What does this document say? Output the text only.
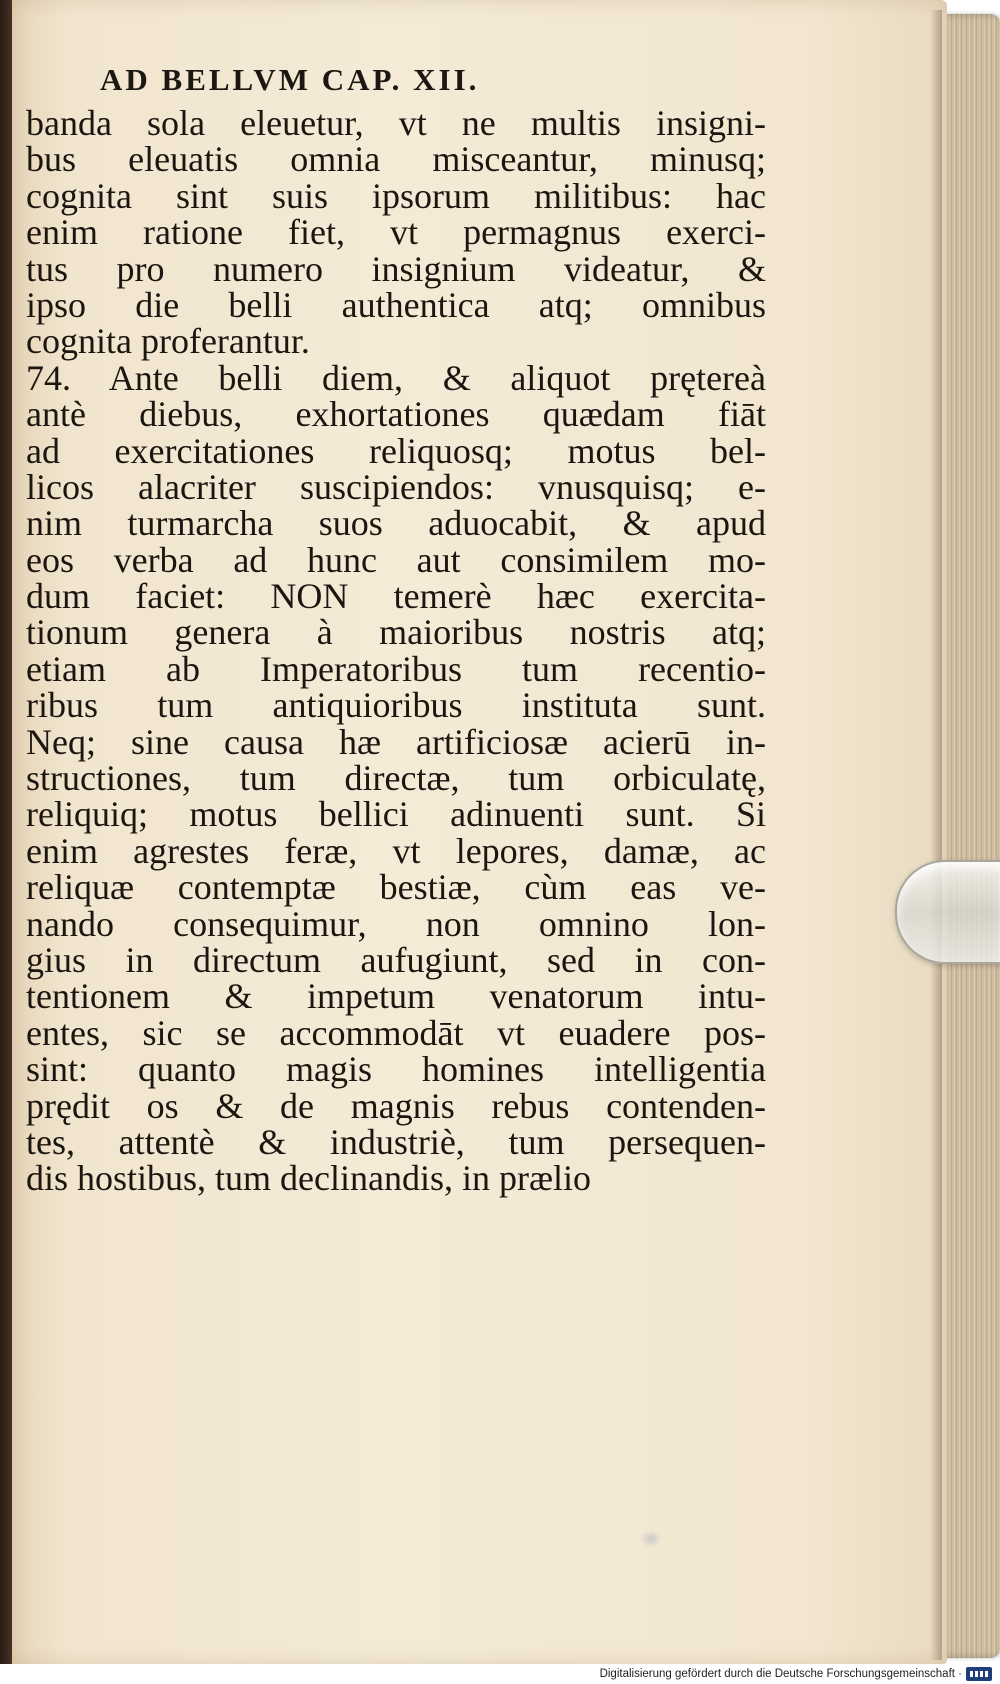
AD BELLVM CAP. XII.
banda sola eleuetur, vt ne multis insigni-
bus eleuatis omnia misceantur, minusq;
cognita sint suis ipsorum militibus: hac
enim ratione fiet, vt permagnus exerci-
tus pro numero insignium videatur, &
ipso die belli authentica atq; omnibus
cognita proferantur.
74. Ante belli diem, & aliquot prętereà
antè diebus, exhortationes quædam fiāt
ad exercitationes reliquosq; motus bel-
licos alacriter suscipiendos: vnusquisq; e-
nim turmarcha suos aduocabit, & apud
eos verba ad hunc aut consimilem mo-
dum faciet: NON temerè hæc exercita-
tionum genera à maioribus nostris atq;
etiam ab Imperatoribus tum recentio-
ribus tum antiquioribus instituta sunt.
Neq; sine causa hæ artificiosæ acierū in-
structiones, tum directæ, tum orbiculatę,
reliquiq; motus bellici adinuenti sunt. Si
enim agrestes feræ, vt lepores, damæ, ac
reliquæ contemptæ bestiæ, cùm eas ve-
nando consequimur, non omnino lon-
gius in directum aufugiunt, sed in con-
tentionem & impetum venatorum intu-
entes, sic se accommodāt vt euadere pos-
sint: quanto magis homines intelligentia
prędit os & de magnis rebus contenden-
tes, attentè & industriè, tum persequen-
dis hostibus, tum declinandis, in prælio

Digitalisierung gefördert durch die Deutsche Forschungsgemeinschaft ·
